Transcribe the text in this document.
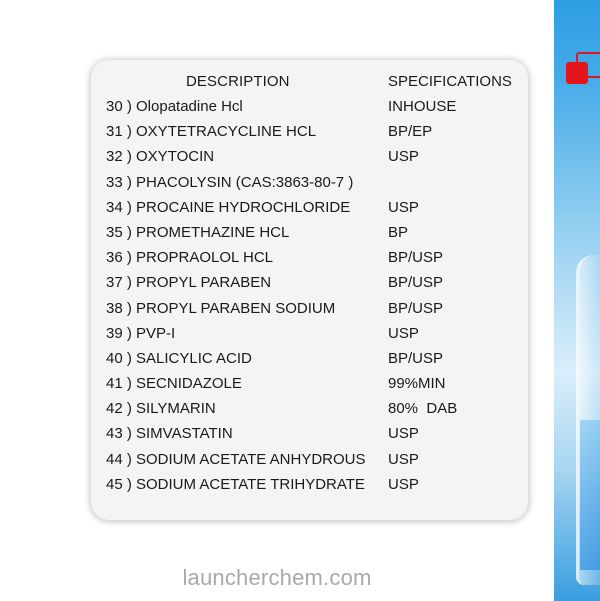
DESCRIPTION	SPECIFICATIONS
30 ) Olopatadine Hcl	INHOUSE
31 ) OXYTETRACYCLINE HCL	BP/EP
32 ) OXYTOCIN	USP
33 ) PHACOLYSIN (CAS:3863-80-7 )
34 ) PROCAINE HYDROCHLORIDE	USP
35 ) PROMETHAZINE HCL	BP
36 ) PROPRAOLOL HCL	BP/USP
37 ) PROPYL PARABEN	BP/USP
38 ) PROPYL PARABEN SODIUM	BP/USP
39 ) PVP-I	USP
40 ) SALICYLIC ACID	BP/USP
41 ) SECNIDAZOLE	99%MIN
42 ) SILYMARIN	80%  DAB
43 ) SIMVASTATIN	USP
44 ) SODIUM ACETATE ANHYDROUS USP
45 ) SODIUM ACETATE TRIHYDRATE USP
launcherchem.com
